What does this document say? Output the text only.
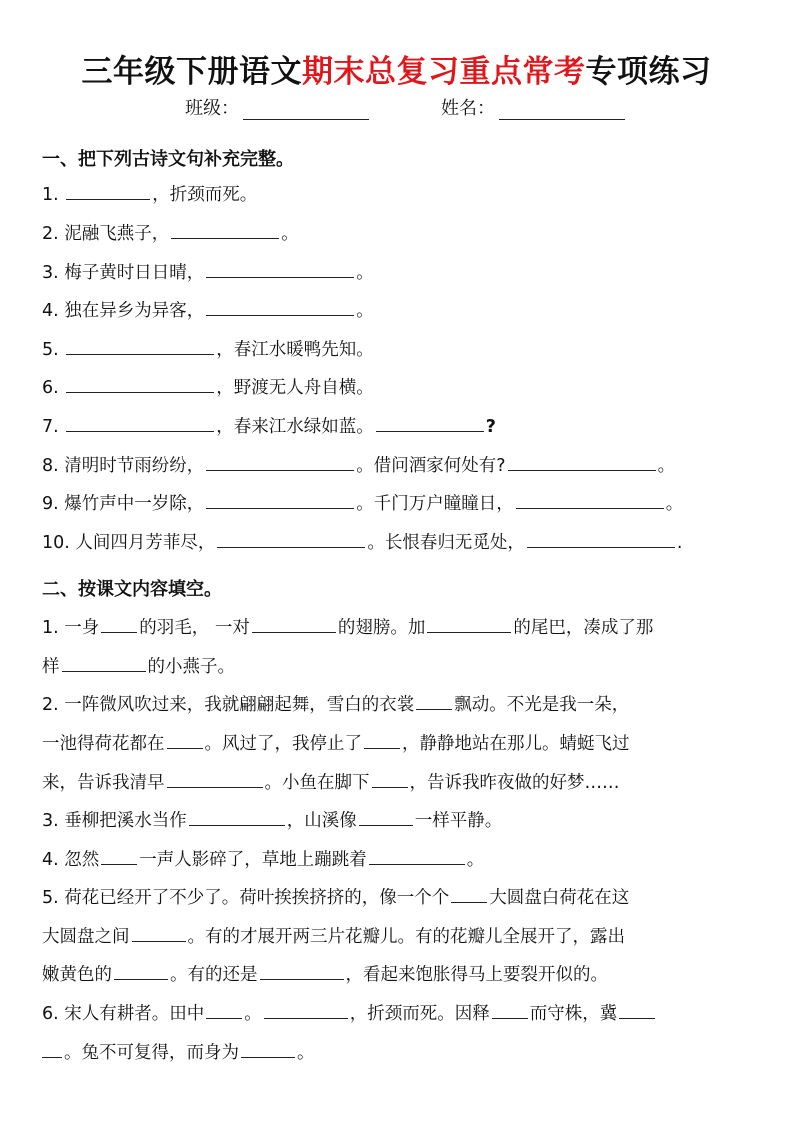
三年级下册语文期末总复习重点常考专项练习
班级：	姓名：
一、把下列古诗文句补充完整。
1.	，折颈而死。
2. 泥融飞燕子，	。
3. 梅子黄时日日晴，	。
4. 独在异乡为异客，	。
5.	，春江水暖鸭先知。
6.	，野渡无人舟自横。
7.	，春来江水绿如蓝。	?
8. 清明时节雨纷纷，	。借问酒家何处有?	。
9. 爆竹声中一岁除，	。千门万户瞳瞳日，	。
10. 人间四月芳菲尽，	。长恨春归无觅处，	.
二、按课文内容填空。
1. 一身 的羽毛， 一对	的翅膀。加	的尾巴，凑成了那
样	的小燕子。
2. 一阵微风吹过来，我就翩翩起舞，雪白的衣裳 飘动。不光是我一朵，
一池得荷花都在 。风过了，我停止了 ，静静地站在那儿。蜻蜓飞过
来，告诉我清早	。小鱼在脚下 ，告诉我昨夜做的好梦……
3. 垂柳把溪水当作	，山溪像	一样平静。
4. 忽然 一声人影碎了，草地上蹦跳着	。
5. 荷花已经开了不少了。荷叶挨挨挤挤的，像一个个 大圆盘白荷花在这
大圆盘之间	。有的才展开两三片花瓣儿。有的花瓣儿全展开了，露出
嫩黄色的	。有的还是	，看起来饱胀得马上要裂开似的。
6. 宋人有耕者。田中 。	，折颈而死。因释 而守株，冀
。兔不可复得，而身为	。
